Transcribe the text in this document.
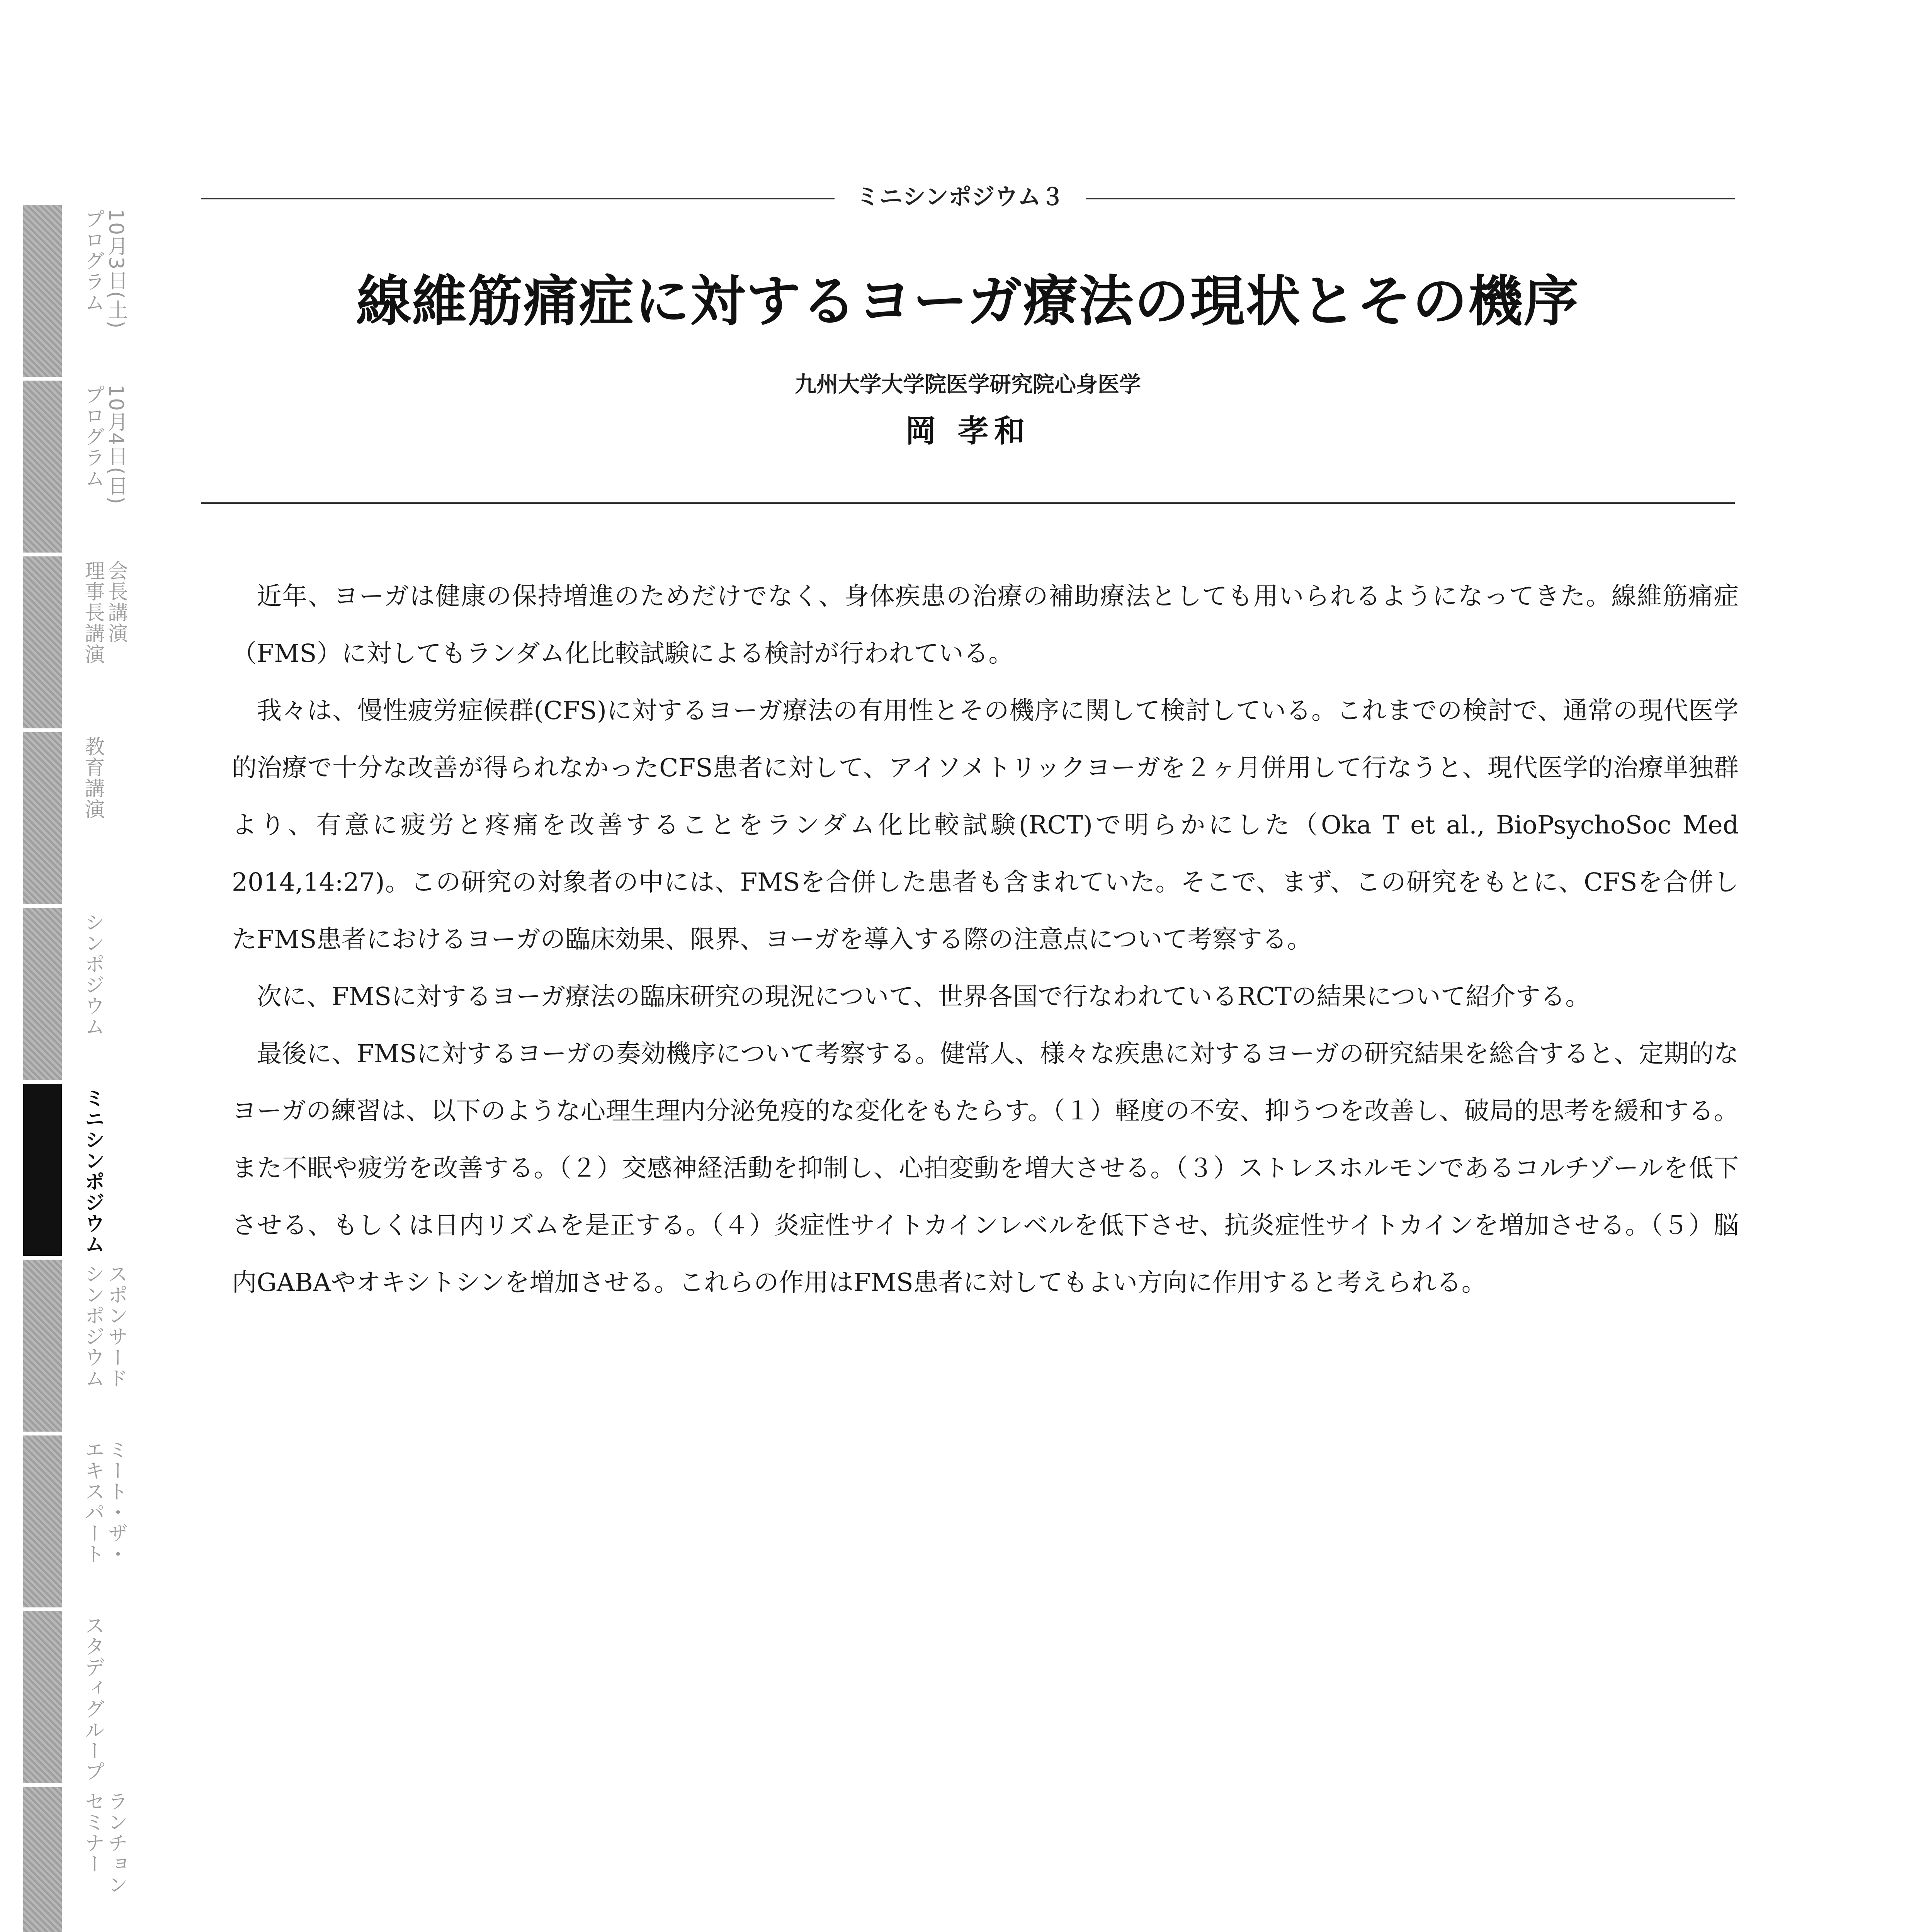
10月3日(土)
プログラム
10月4日(日)
プログラム
会長講演
理事長講演
教育講演
シンポジウム
ミニシンポジウム
スポンサード
シンポジウム
ミート・ザ・
エキスパート
スタディグループ
ランチョン
セミナー
ミニシンポジウム３
線維筋痛症に対するヨーガ療法の現状とその機序
九州大学大学院医学研究院心身医学
岡 孝和

近年、ヨーガは健康の保持増進のためだけでなく、身体疾患の治療の補助療法としても用いられるようになってきた。線維筋痛症（FMS）に対してもランダム化比較試験による検討が行われている。

我々は、慢性疲労症候群(CFS)に対するヨーガ療法の有用性とその機序に関して検討している。これまでの検討で、通常の現代医学的治療で十分な改善が得られなかったCFS患者に対して、アイソメトリックヨーガを２ヶ月併用して行なうと、現代医学的治療単独群より、有意に疲労と疼痛を改善することをランダム化比較試験(RCT)で明らかにした（Oka T et al., BioPsychoSoc Med 2014,14:27)。この研究の対象者の中には、FMSを合併した患者も含まれていた。そこで、まず、この研究をもとに、CFSを合併したFMS患者におけるヨーガの臨床効果、限界、ヨーガを導入する際の注意点について考察する。

次に、FMSに対するヨーガ療法の臨床研究の現況について、世界各国で行なわれているRCTの結果について紹介する。

最後に、FMSに対するヨーガの奏効機序について考察する。健常人、様々な疾患に対するヨーガの研究結果を総合すると、定期的なヨーガの練習は、以下のような心理生理内分泌免疫的な変化をもたらす。（１）軽度の不安、抑うつを改善し、破局的思考を緩和する。また不眠や疲労を改善する。（２）交感神経活動を抑制し、心拍変動を増大させる。（３）ストレスホルモンであるコルチゾールを低下させる、もしくは日内リズムを是正する。（４）炎症性サイトカインレベルを低下させ、抗炎症性サイトカインを増加させる。（５）脳内GABAやオキシトシンを増加させる。これらの作用はFMS患者に対してもよい方向に作用すると考えられる。
